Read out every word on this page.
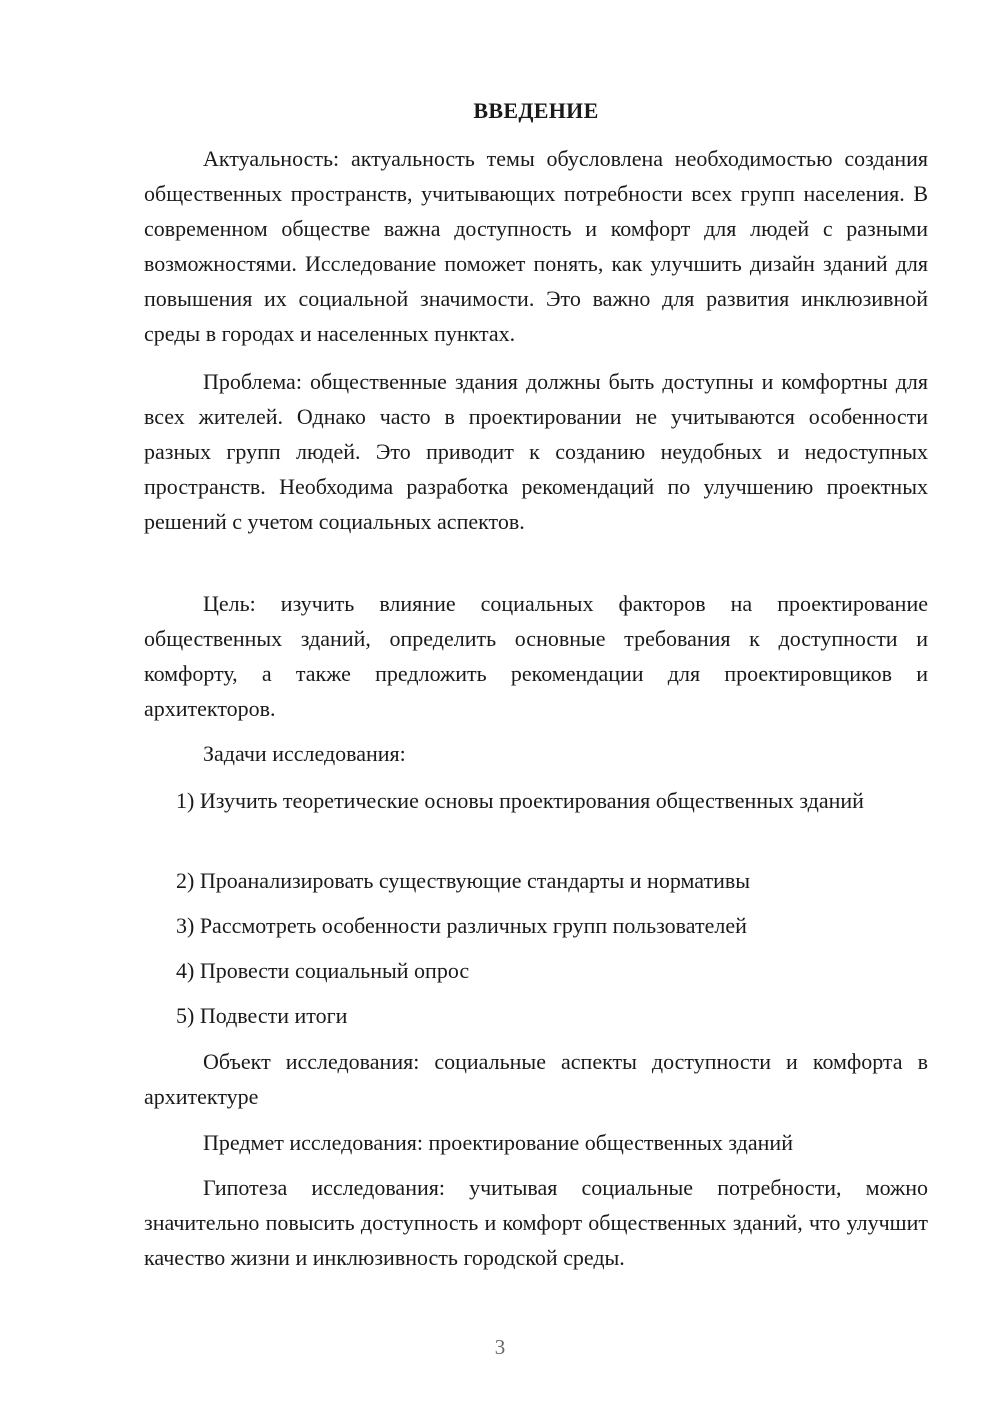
ВВЕДЕНИЕ

Актуальность: актуальность темы обусловлена необходимостью создания общественных пространств, учитывающих потребности всех групп населения. В современном обществе важна доступность и комфорт для людей с разными возможностями. Исследование поможет понять, как улучшить дизайн зданий для повышения их социальной значимости. Это важно для развития инклюзивной среды в городах и населенных пунктах.

Проблема: общественные здания должны быть доступны и комфортны для всех жителей. Однако часто в проектировании не учитываются особенности разных групп людей. Это приводит к созданию неудобных и недоступных пространств. Необходима разработка рекомендаций по улучшению проектных решений с учетом социальных аспектов.

Цель: изучить влияние социальных факторов на проектирование общественных зданий, определить основные требования к доступности и комфорту, а также предложить рекомендации для проектировщиков и архитекторов.

Задачи исследования:

1) Изучить теоретические основы проектирования общественных зданий

2) Проанализировать существующие стандарты и нормативы

3) Рассмотреть особенности различных групп пользователей

4) Провести социальный опрос

5) Подвести итоги

Объект исследования: социальные аспекты доступности и комфорта в архитектуре

Предмет исследования: проектирование общественных зданий

Гипотеза исследования: учитывая социальные потребности, можно значительно повысить доступность и комфорт общественных зданий, что улучшит качество жизни и инклюзивность городской среды.

3
